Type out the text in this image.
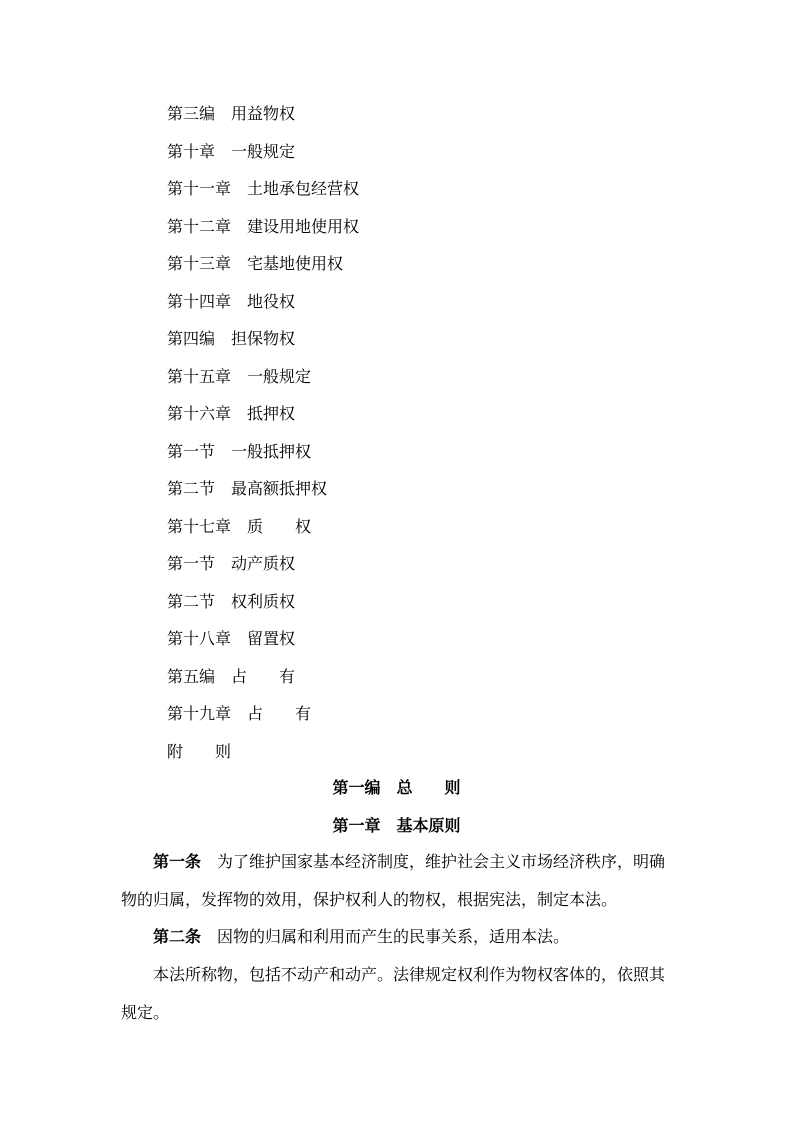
第三编　用益物权
第十章　一般规定
第十一章　土地承包经营权
第十二章　建设用地使用权
第十三章　宅基地使用权
第十四章　地役权
第四编　担保物权
第十五章　一般规定
第十六章　抵押权
第一节　一般抵押权
第二节　最高额抵押权
第十七章　质　　权
第一节　动产质权
第二节　权利质权
第十八章　留置权
第五编　占　　有
第十九章　占　　有
附　　则
第一编　总　　则
第一章　基本原则

第一条 为了维护国家基本经济制度，维护社会主义市场经济秩序，明确物的归属，发挥物的效用，保护权利人的物权，根据宪法，制定本法。

第二条 因物的归属和利用而产生的民事关系，适用本法。

本法所称物，包括不动产和动产。法律规定权利作为物权客体的，依照其规定。
